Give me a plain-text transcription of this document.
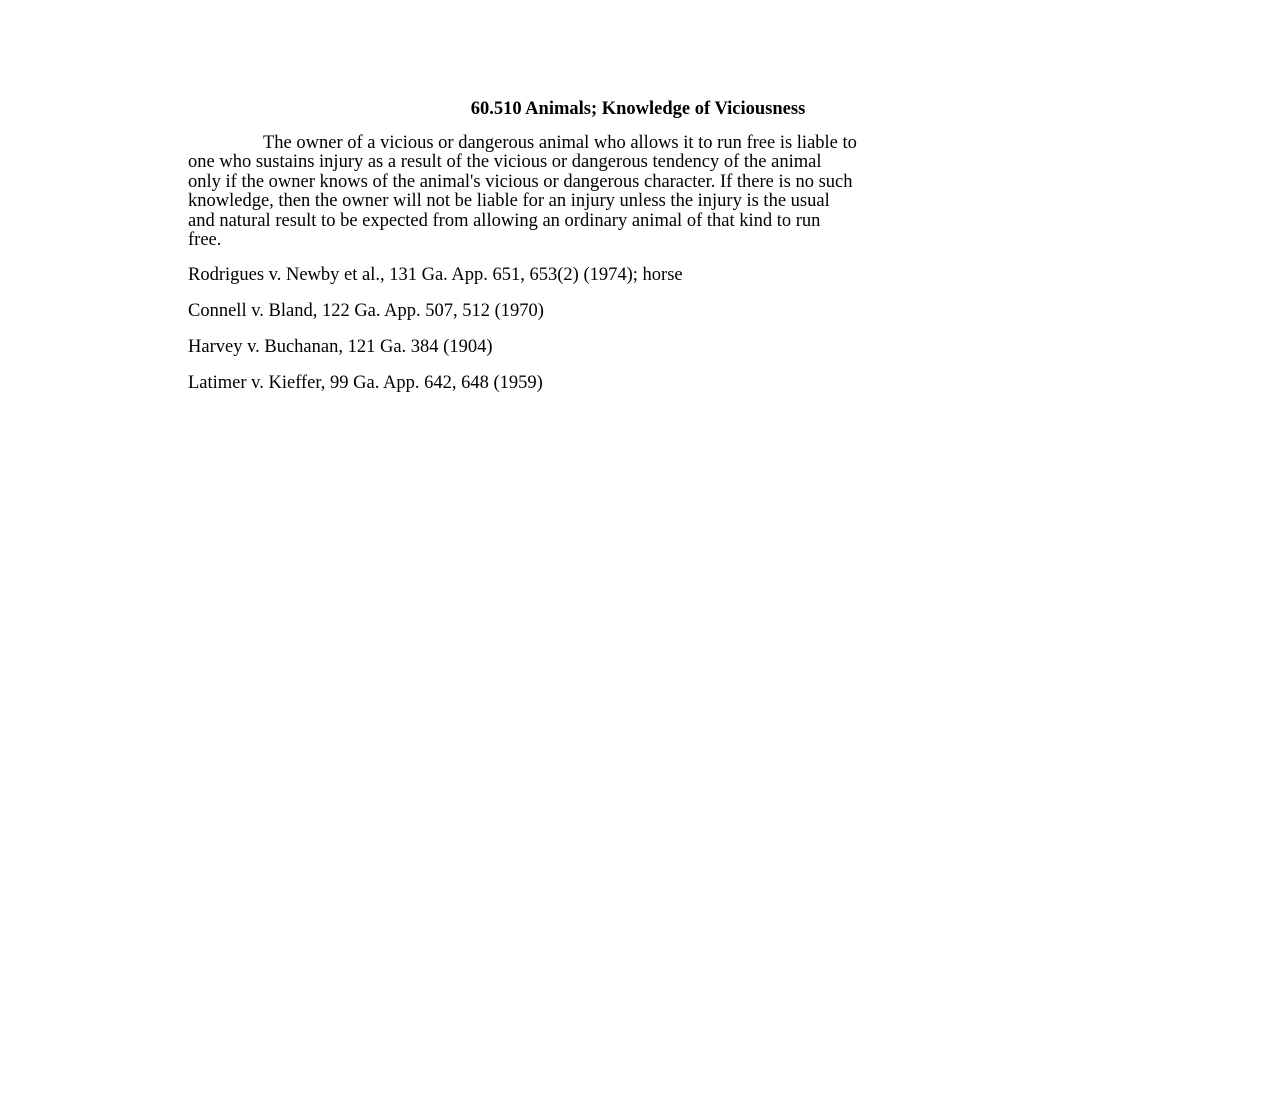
60.510 Animals; Knowledge of Viciousness

The owner of a vicious or dangerous animal who allows it to run free is liable to
one who sustains injury as a result of the vicious or dangerous tendency of the animal
only if the owner knows of the animal's vicious or dangerous character. If there is no such
knowledge, then the owner will not be liable for an injury unless the injury is the usual
and natural result to be expected from allowing an ordinary animal of that kind to run
free.

Rodrigues v. Newby et al., 131 Ga. App. 651, 653(2) (1974); horse

Connell v. Bland, 122 Ga. App. 507, 512 (1970)

Harvey v. Buchanan, 121 Ga. 384 (1904)

Latimer v. Kieffer, 99 Ga. App. 642, 648 (1959)
